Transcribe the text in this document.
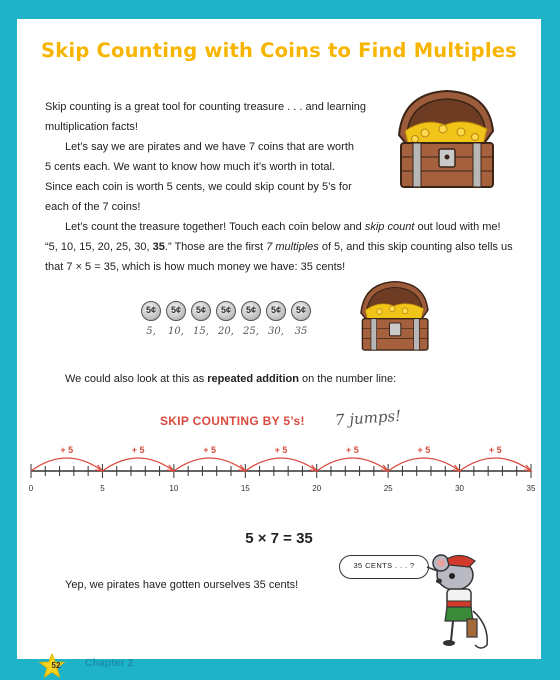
Skip Counting with Coins to Find Multiples

Skip counting is a great tool for counting treasure . . . and learning

multiplication facts!

Let’s say we are pirates and we have 7 coins that are worth

5 cents each. We want to know how much it’s worth in total.

Since each coin is worth 5 cents, we could skip count by 5’s for

each of the 7 coins!

Let’s count the treasure together! Touch each coin below and skip count out loud with me!

“5, 10, 15, 20, 25, 30, 35.” Those are the first 7 multiples of 5, and this skip counting also tells us

that 7 × 5 = 35, which is how much money we have: 35 cents!

5¢
5,
5¢
10,
5¢
15,
5¢
20,
5¢
25,
5¢
30,
5¢
35

We could also look at this as repeated addition on the number line:

SKIP COUNTING BY 5’s! 7 jumps!
0	5	10	15	20	25	30	35
+ 5	+ 5	+ 5	+ 5	+ 5	+ 5	+ 5
5 × 7 = 35

Yep, we pirates have gotten ourselves 35 cents!

35 CENTS . . . ?
52 Chapter 2
